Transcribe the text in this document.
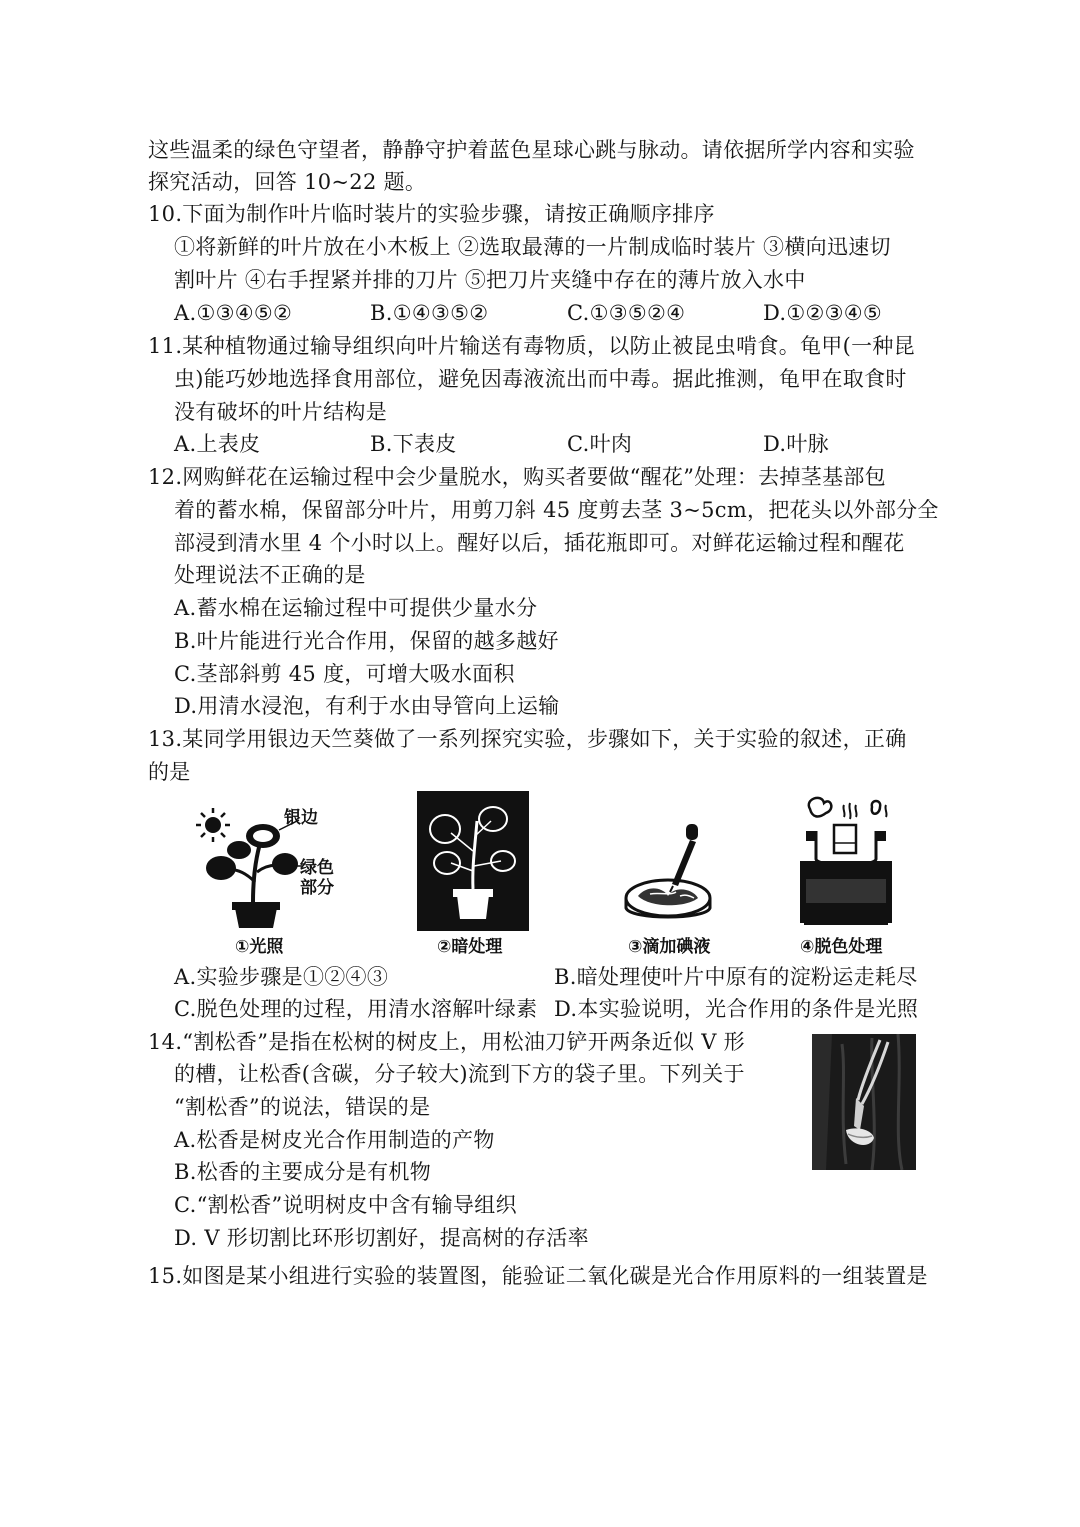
这些温柔的绿色守望者，静静守护着蓝色星球心跳与脉动。请依据所学内容和实验
探究活动，回答 10~22 题。
10.下面为制作叶片临时装片的实验步骤，请按正确顺序排序
①将新鲜的叶片放在小木板上 ②选取最薄的一片制成临时装片 ③横向迅速切
割叶片 ④右手捏紧并排的刀片 ⑤把刀片夹缝中存在的薄片放入水中
A.①③④⑤②	B.①④③⑤②	C.①③⑤②④	D.①②③④⑤
11.某种植物通过输导组织向叶片输送有毒物质，以防止被昆虫啃食。龟甲(一种昆
虫)能巧妙地选择食用部位，避免因毒液流出而中毒。据此推测，龟甲在取食时
没有破坏的叶片结构是
A.上表皮	B.下表皮	C.叶肉	D.叶脉
12.网购鲜花在运输过程中会少量脱水，购买者要做“醒花”处理：去掉茎基部包
着的蓄水棉，保留部分叶片，用剪刀斜 45 度剪去茎 3~5cm，把花头以外部分全
部浸到清水里 4 个小时以上。醒好以后，插花瓶即可。对鲜花运输过程和醒花
处理说法不正确的是
A.蓄水棉在运输过程中可提供少量水分
B.叶片能进行光合作用，保留的越多越好
C.茎部斜剪 45 度，可增大吸水面积
D.用清水浸泡，有利于水由导管向上运输
13.某同学用银边天竺葵做了一系列探究实验，步骤如下，关于实验的叙述，正确
的是
银边
绿色
部分
①光照	②暗处理	③滴加碘液	④脱色处理
A.实验步骤是①②④③	B.暗处理使叶片中原有的淀粉运走耗尽
C.脱色处理的过程，用清水溶解叶绿素 D.本实验说明，光合作用的条件是光照
14.“割松香”是指在松树的树皮上，用松油刀铲开两条近似 V 形
的槽，让松香(含碳，分子较大)流到下方的袋子里。下列关于
“割松香”的说法，错误的是
A.松香是树皮光合作用制造的产物
B.松香的主要成分是有机物
C.“割松香”说明树皮中含有输导组织
D. V 形切割比环形切割好，提高树的存活率
15.如图是某小组进行实验的装置图，能验证二氧化碳是光合作用原料的一组装置是
